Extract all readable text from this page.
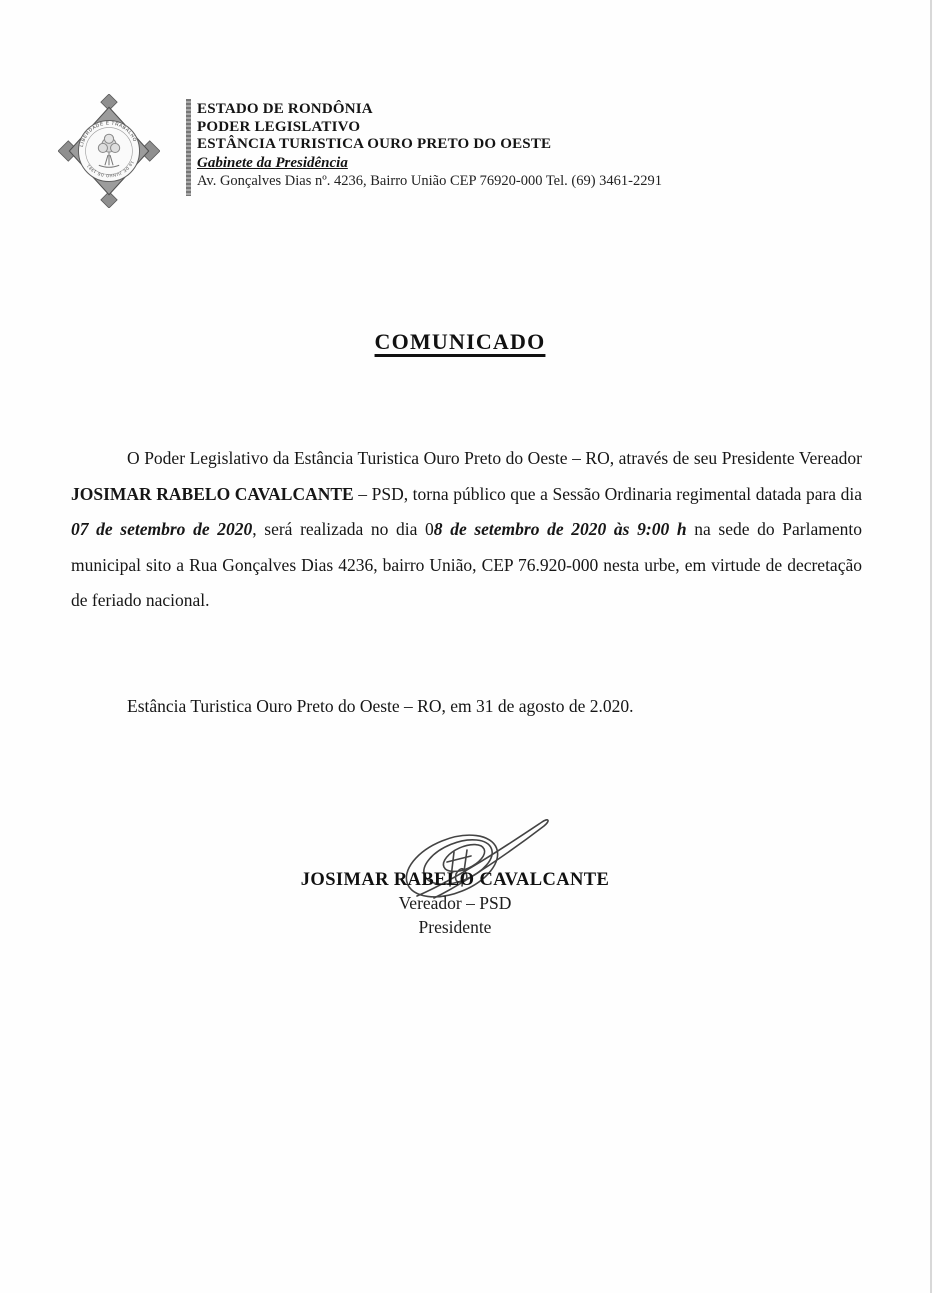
LIBERDADE E TRABALHO
16 DE JUNHO DE 1981
ESTADO DE RONDÔNIA
PODER LEGISLATIVO
ESTÂNCIA TURISTICA OURO PRETO DO OESTE
Gabinete da Presidência
Av. Gonçalves Dias nº. 4236, Bairro União CEP 76920-000 Tel. (69) 3461-2291
COMUNICADO

O Poder Legislativo da Estância Turistica Ouro Preto do Oeste – RO, através de seu Presidente Vereador JOSIMAR RABELO CAVALCANTE – PSD, torna público que a Sessão Ordinaria regimental datada para dia 07 de setembro de 2020, será realizada no dia 08 de setembro de 2020 às 9:00 h na sede do Parlamento municipal sito a Rua Gonçalves Dias 4236, bairro União, CEP 76.920-000 nesta urbe, em virtude de decretação de feriado nacional.

Estância Turistica Ouro Preto do Oeste – RO, em 31 de agosto de 2.020.

JOSIMAR RABELO CAVALCANTE
Vereador – PSD
Presidente
